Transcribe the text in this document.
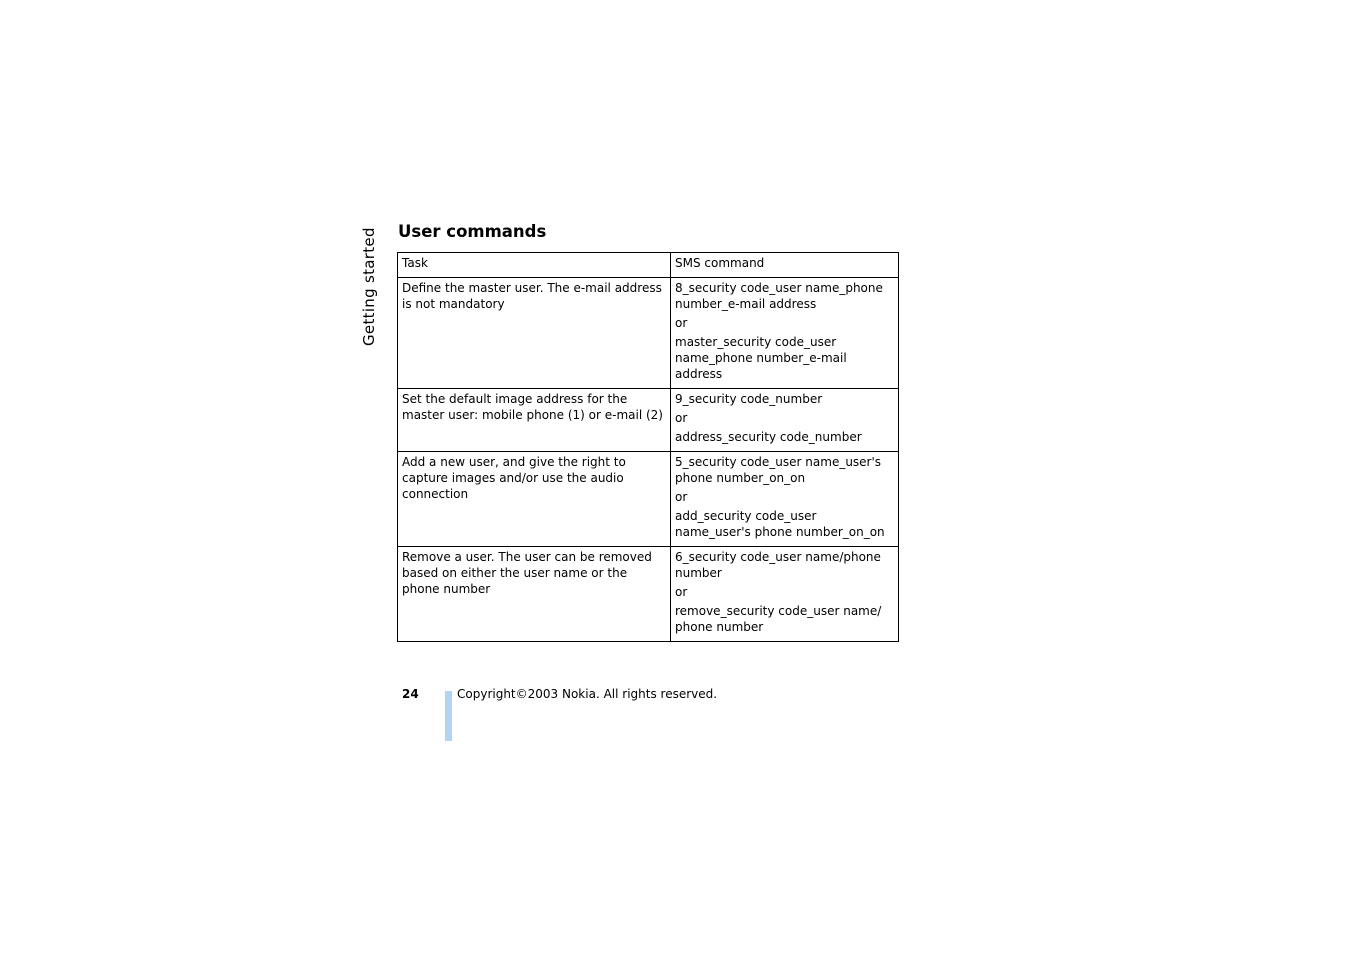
Getting started User commands
Task	SMS command
Define the master user. The e-mail address is not mandatory	8_security code_user name_phone number_e-mail address

or

master_security code_user name_phone number_e-mail address

Set the default image address for the master user: mobile phone (1) or e-mail (2)	9_security code_number

or

address_security code_number

Add a new user, and give the right to capture images and/or use the audio connection	5_security code_user name_user's phone number_on_on

or

add_security code_user name_user's phone number_on_on

Remove a user. The user can be removed based on either the user name or the phone number	6_security code_user name/phone number

or

remove_security code_user name/ phone number

24	Copyright©2003 Nokia. All rights reserved.
